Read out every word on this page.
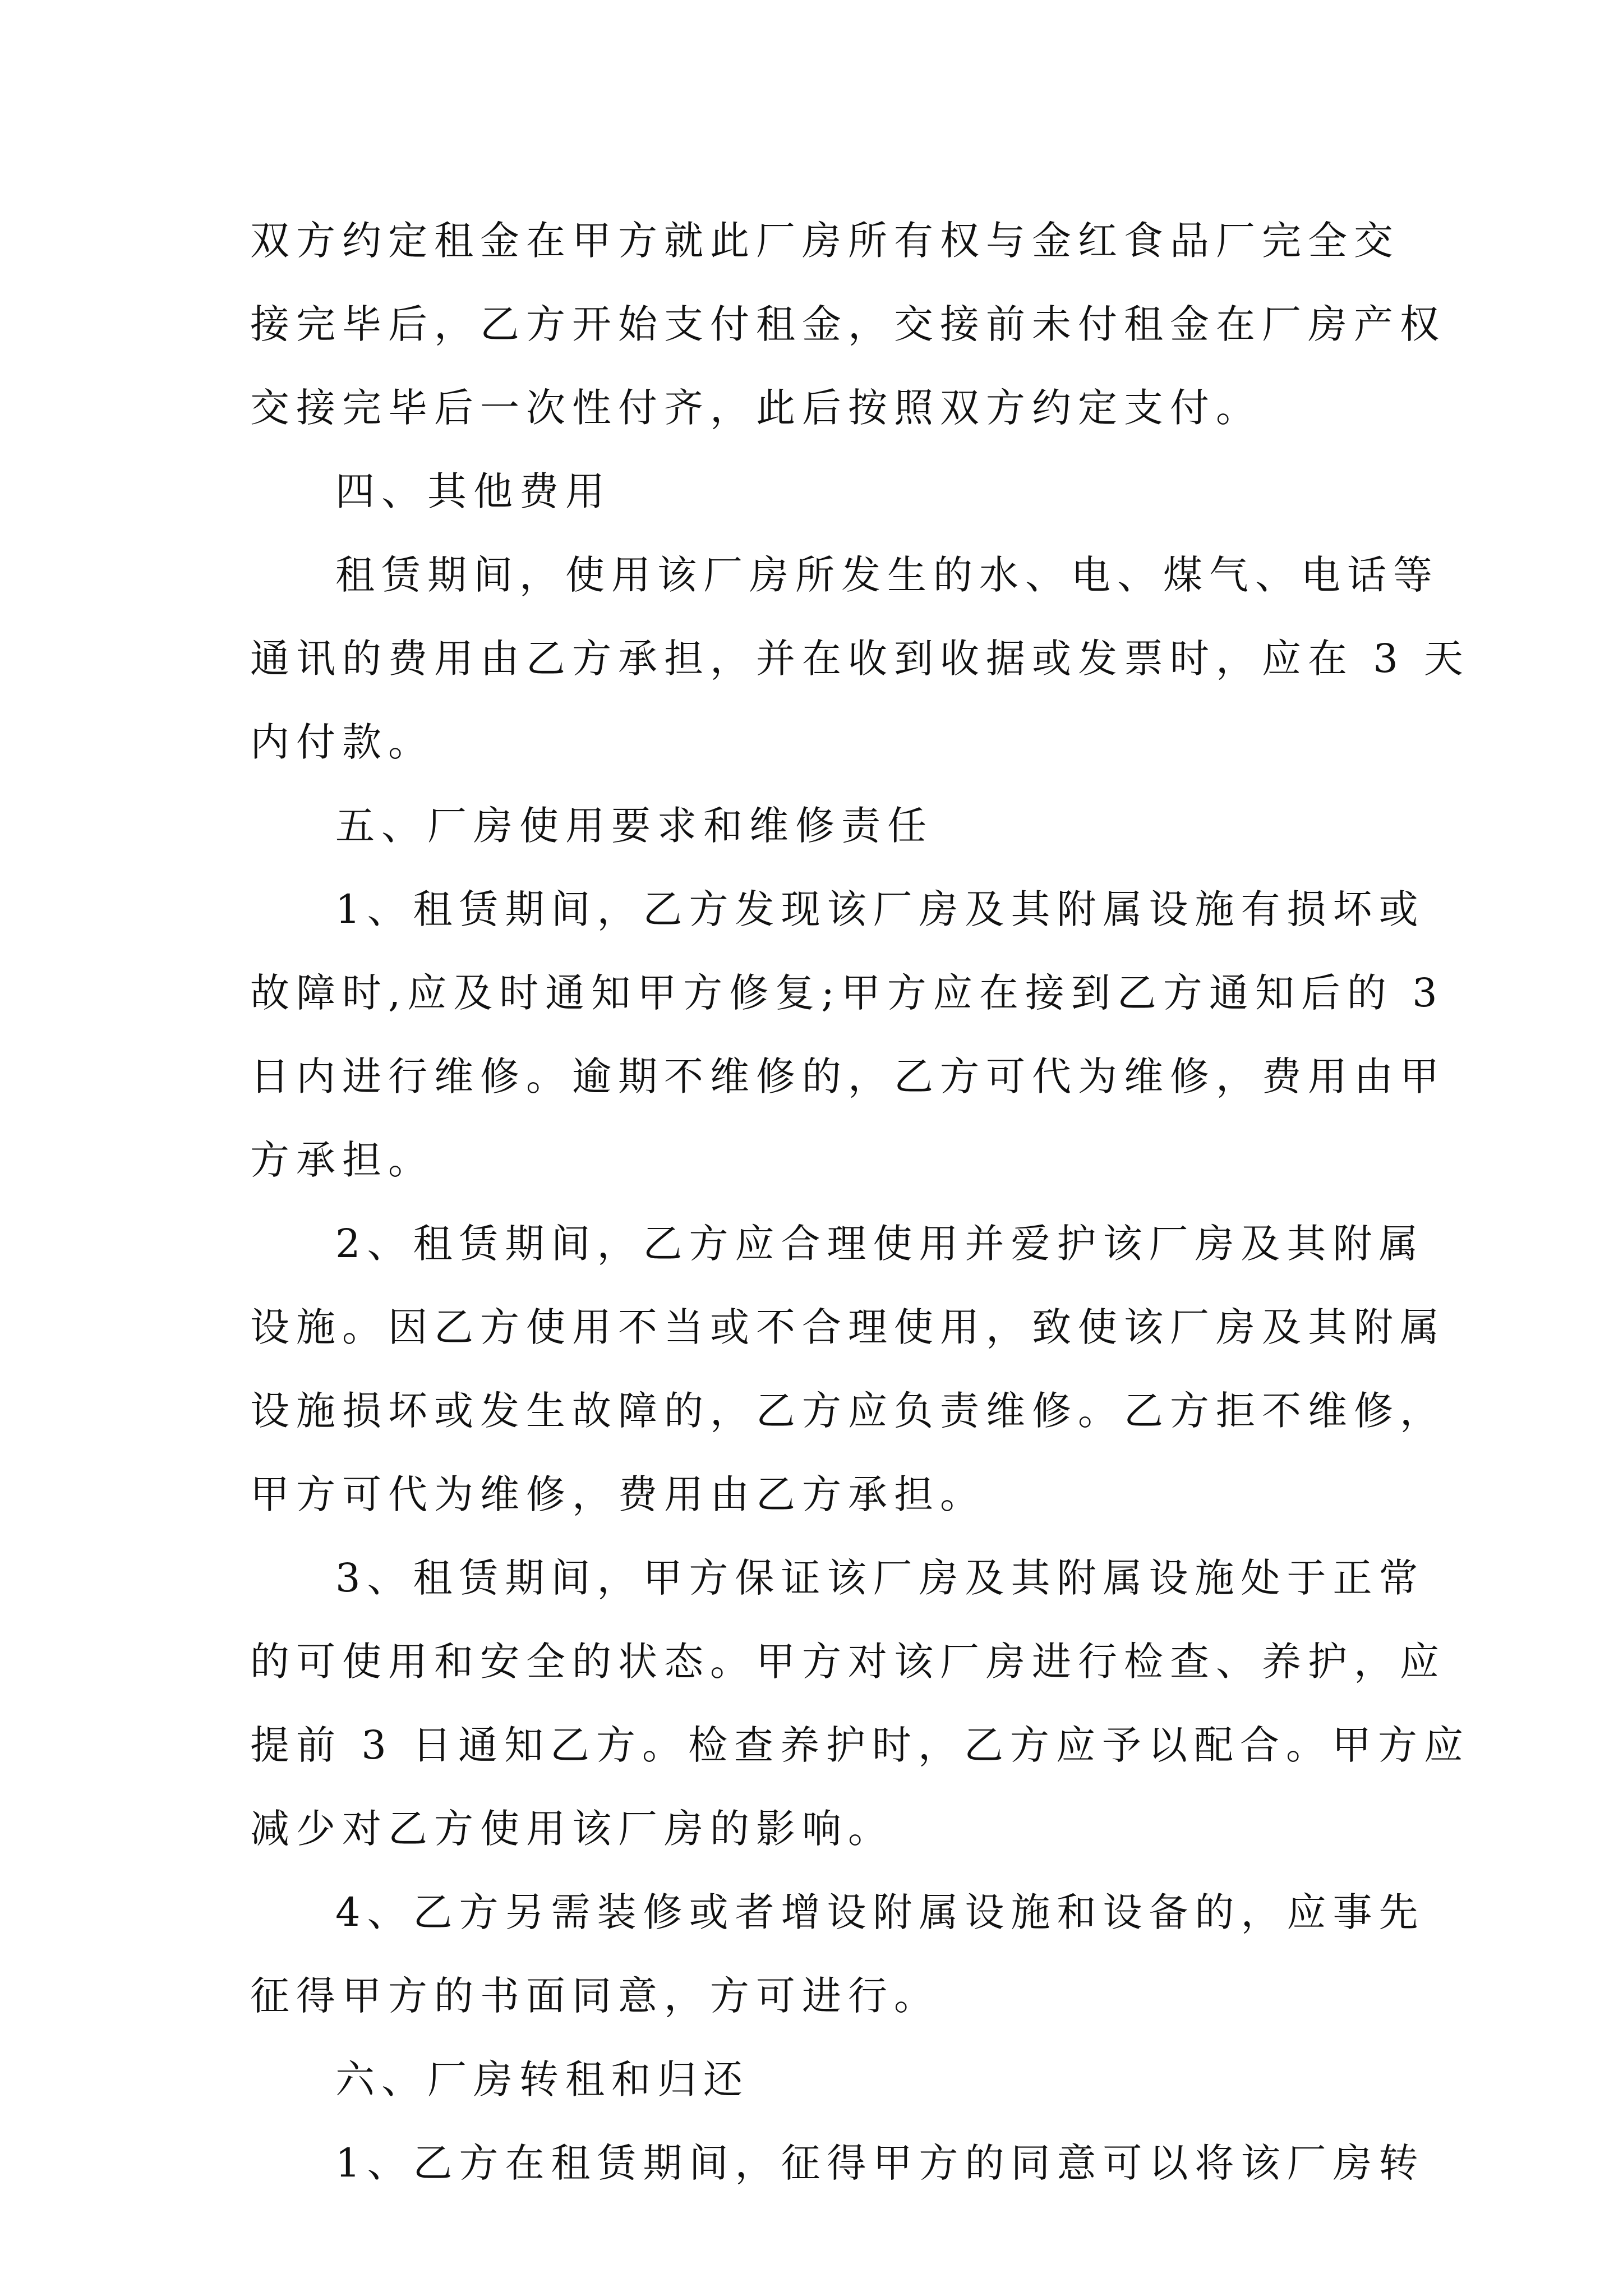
双方约定租金在甲方就此厂房所有权与金红食品厂完全交
接完毕后，乙方开始支付租金，交接前未付租金在厂房产权
交接完毕后一次性付齐，此后按照双方约定支付。

四、其他费用

租赁期间，使用该厂房所发生的水、电、煤气、电话等
通讯的费用由乙方承担，并在收到收据或发票时，应在 3 天
内付款。

五、厂房使用要求和维修责任

1、租赁期间，乙方发现该厂房及其附属设施有损坏或
故障时,应及时通知甲方修复;甲方应在接到乙方通知后的 3
日内进行维修。逾期不维修的，乙方可代为维修，费用由甲
方承担。

2、租赁期间，乙方应合理使用并爱护该厂房及其附属
设施。因乙方使用不当或不合理使用，致使该厂房及其附属
设施损坏或发生故障的，乙方应负责维修。乙方拒不维修，
甲方可代为维修，费用由乙方承担。

3、租赁期间，甲方保证该厂房及其附属设施处于正常
的可使用和安全的状态。甲方对该厂房进行检查、养护，应
提前 3 日通知乙方。检查养护时，乙方应予以配合。甲方应
减少对乙方使用该厂房的影响。

4、乙方另需装修或者增设附属设施和设备的，应事先
征得甲方的书面同意，方可进行。

六、厂房转租和归还

1、乙方在租赁期间，征得甲方的同意可以将该厂房转
